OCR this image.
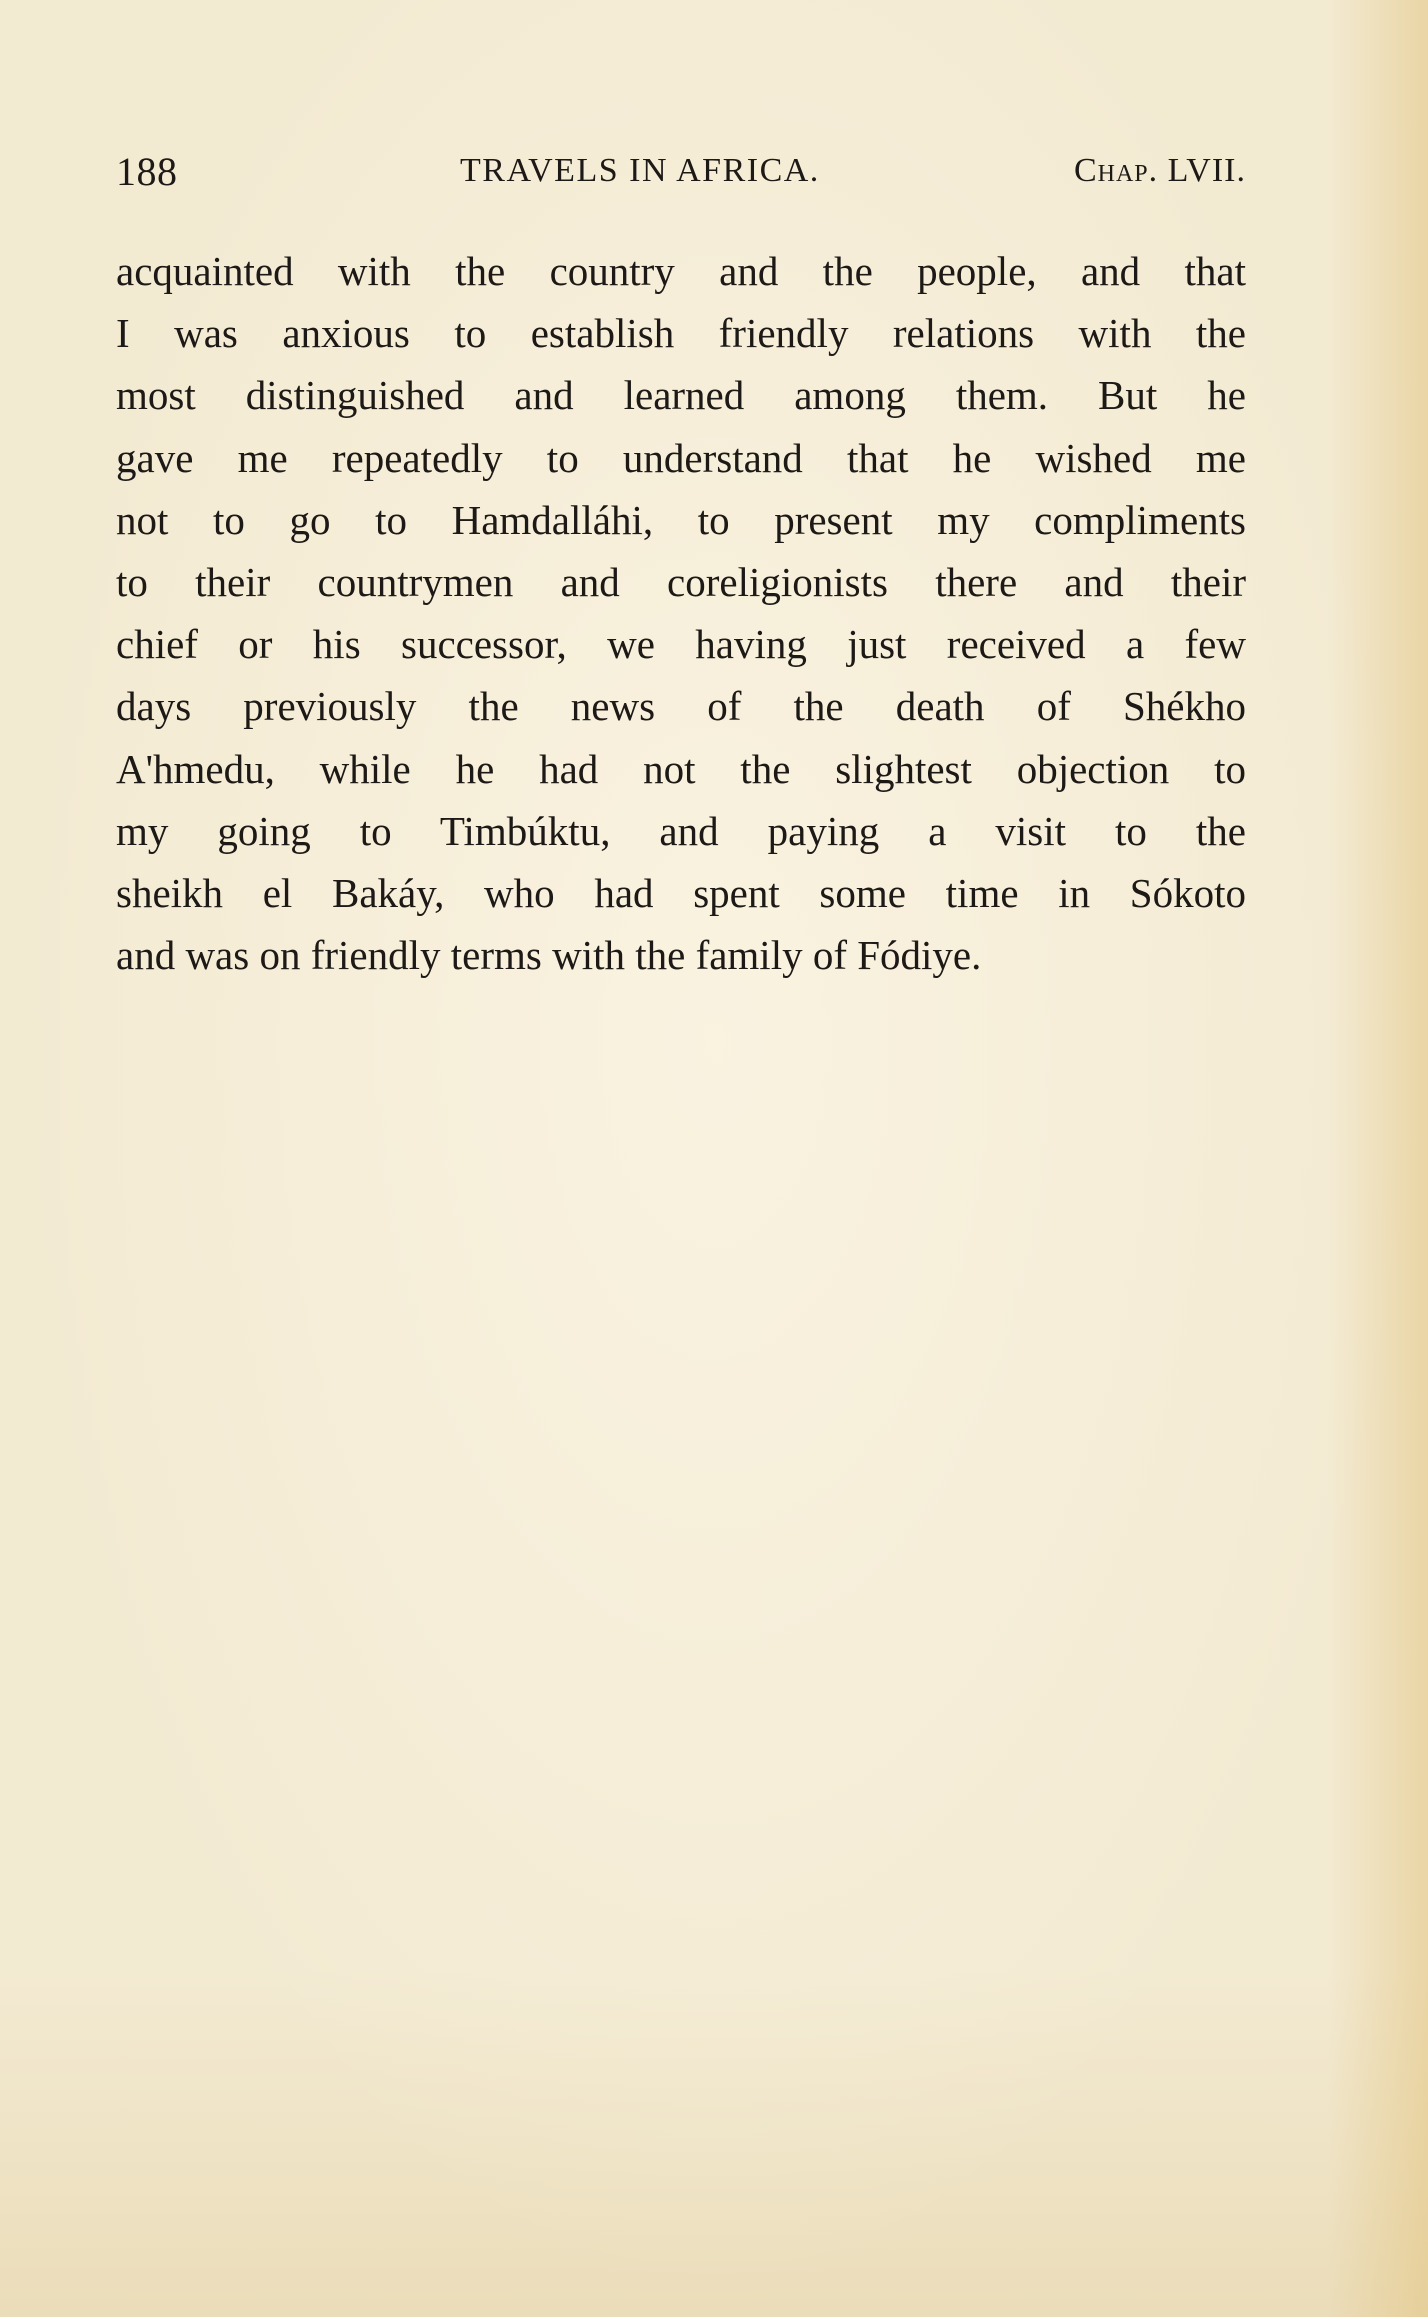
188	TRAVELS IN AFRICA.	Chap. LVII.
acquainted with the country and the people, and that
I was anxious to establish friendly relations with the
most distinguished and learned among them. But he
gave me repeatedly to understand that he wished me
not to go to Hamdalláhi, to present my compliments
to their countrymen and coreligionists there and their
chief or his successor, we having just received a few
days previously the news of the death of Shékho
A'hmedu, while he had not the slightest objection to
my going to Timbúktu, and paying a visit to the
sheikh el Bakáy, who had spent some time in Sókoto
and was on friendly terms with the family of Fódiye.
